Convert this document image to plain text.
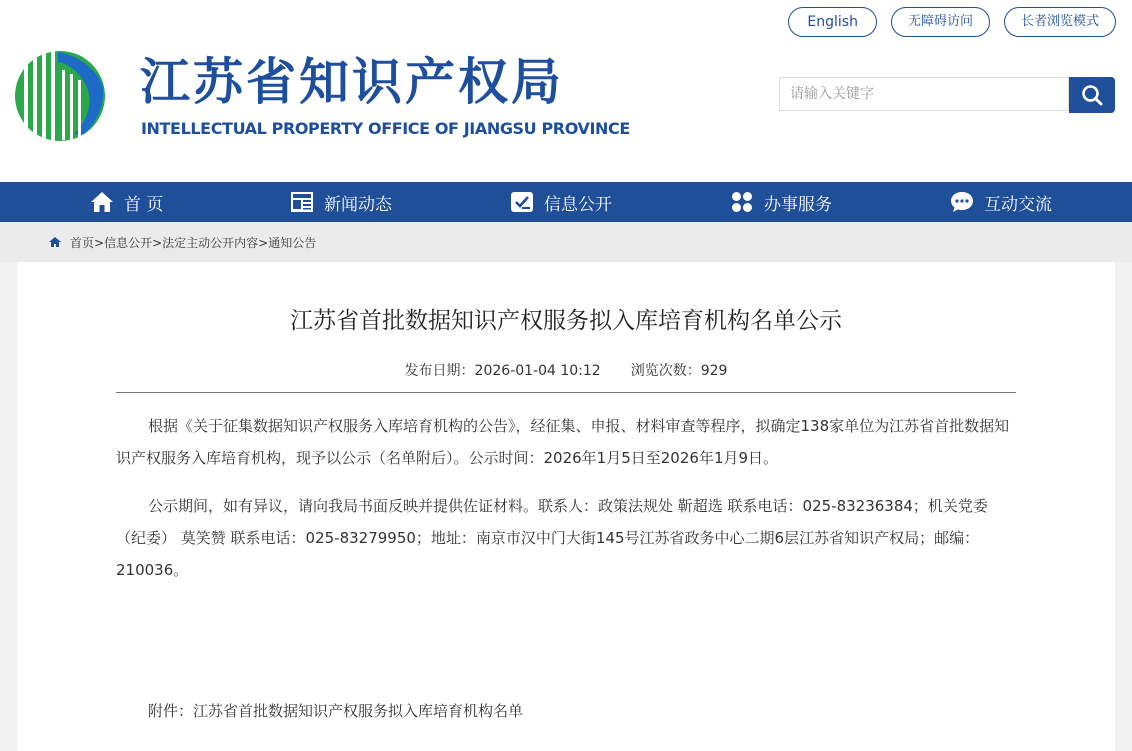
江苏省知识产权局
INTELLECTUAL PROPERTY OFFICE OF JIANGSU PROVINCE
English	无障碍访问	长者浏览模式
请输入关键字
首 页	新闻动态	信息公开	办事服务	互动交流
首页> 信息公开> 法定主动公开内容> 通知公告
江苏省首批数据知识产权服务拟入库培育机构名单公示
发布日期：2026-01-04 10:12 浏览次数：929
根据《关于征集数据知识产权服务入库培育机构的公告》，经征集、申报、材料审查等程序，拟确定138家单位为江苏省首批数据知识产权服务入库培育机构，现予以公示（名单附后）。公示时间：2026年1月5日至2026年1月9日。
公示期间，如有异议，请向我局书面反映并提供佐证材料。联系人：政策法规处 靳超选 联系电话：025-83236384；机关党委（纪委） 莫笑赞 联系电话：025-83279950；地址：南京市汉中门大街145号江苏省政务中心二期6层江苏省知识产权局；邮编：210036。
附件：江苏省首批数据知识产权服务拟入库培育机构名单
